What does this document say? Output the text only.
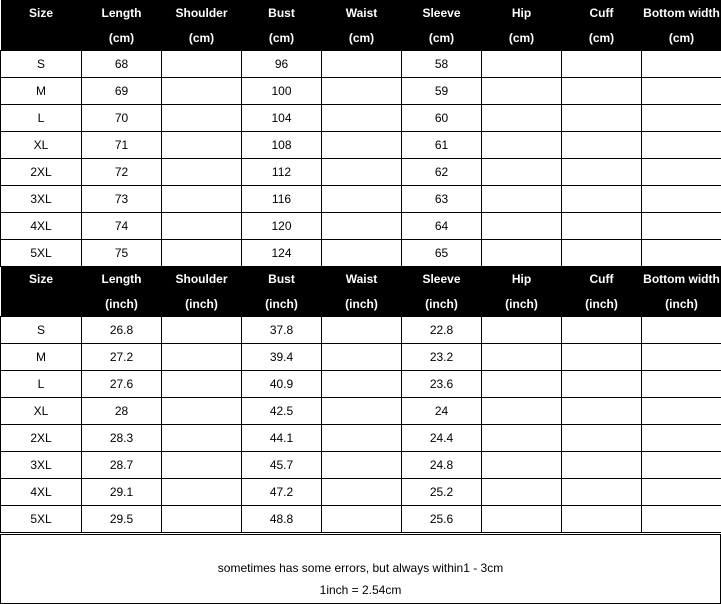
Size	Length	Shoulder	Bust	Waist	Sleeve	Hip	Cuff	Bottom width
	(cm)	(cm)	(cm)	(cm)	(cm)	(cm)	(cm)	(cm)
S	68		96		58			
M	69		100		59			
L	70		104		60			
XL	71		108		61			
2XL	72		112		62			
3XL	73		116		63			
4XL	74		120		64			
5XL	75		124		65			
Size	Length	Shoulder	Bust	Waist	Sleeve	Hip	Cuff	Bottom width
	(inch)	(inch)	(inch)	(inch)	(inch)	(inch)	(inch)	(inch)
S	26.8		37.8		22.8			
M	27.2		39.4		23.2			
L	27.6		40.9		23.6			
XL	28		42.5		24			
2XL	28.3		44.1		24.4			
3XL	28.7		45.7		24.8			
4XL	29.1		47.2		25.2			
5XL	29.5		48.8		25.6			
sometimes has some errors, but always within1 - 3cm
1inch = 2.54cm
